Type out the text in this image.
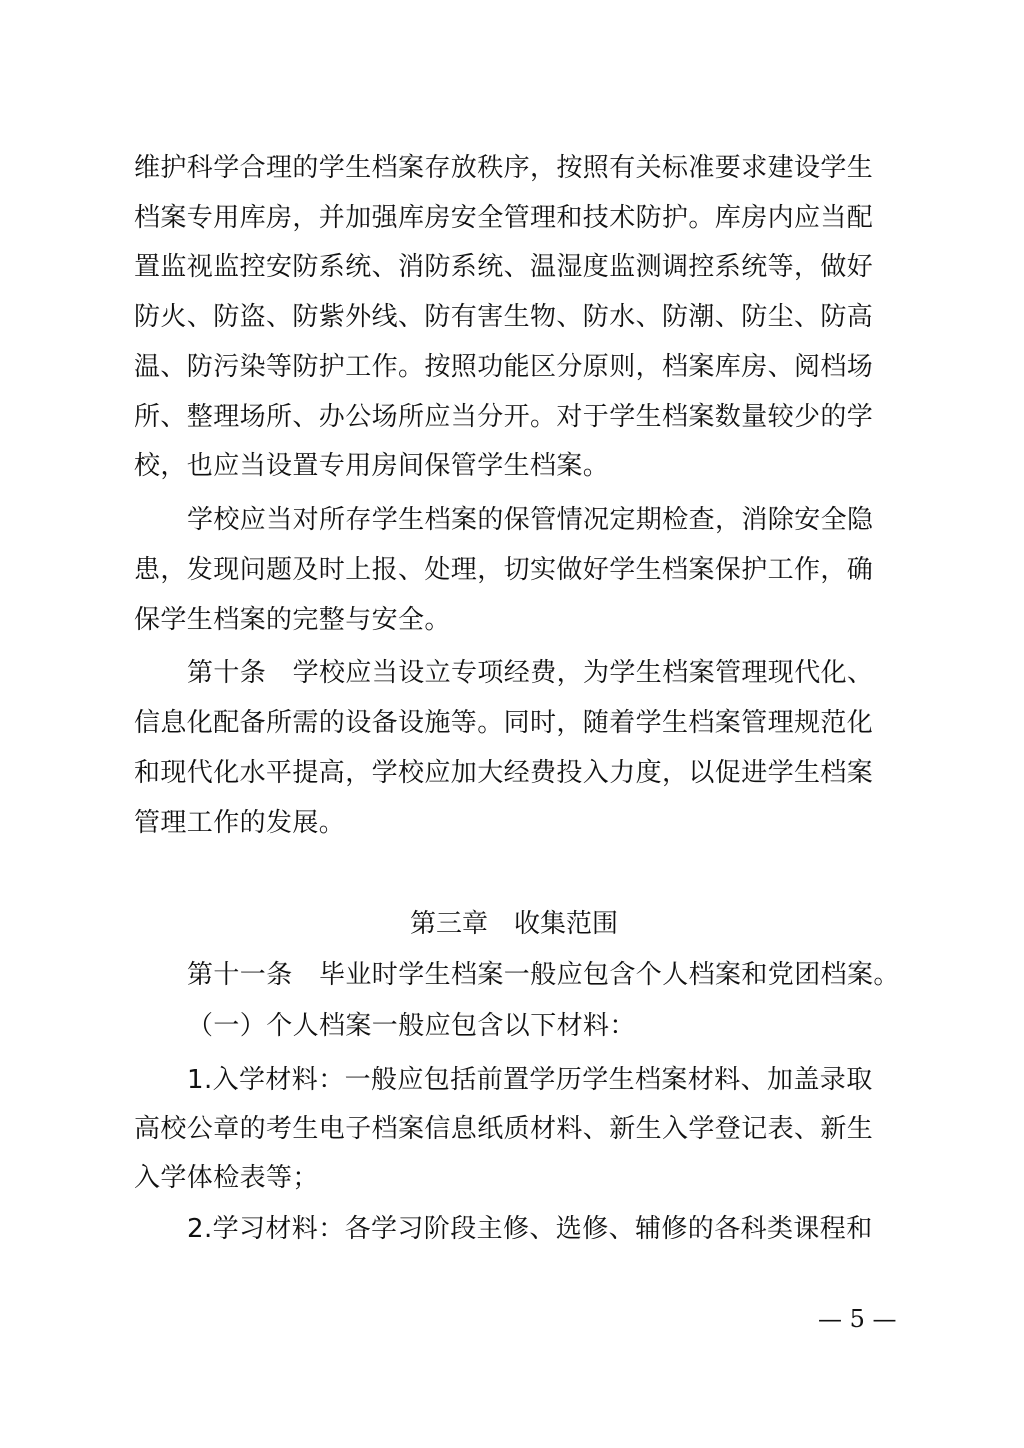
维护科学合理的学生档案存放秩序，按照有关标准要求建设学生
档案专用库房，并加强库房安全管理和技术防护。库房内应当配
置监视监控安防系统、消防系统、温湿度监测调控系统等，做好
防火、防盗、防紫外线、防有害生物、防水、防潮、防尘、防高
温、防污染等防护工作。按照功能区分原则，档案库房、阅档场
所、整理场所、办公场所应当分开。对于学生档案数量较少的学
校，也应当设置专用房间保管学生档案。
学校应当对所存学生档案的保管情况定期检查，消除安全隐
患，发现问题及时上报、处理，切实做好学生档案保护工作，确
保学生档案的完整与安全。
第十条　学校应当设立专项经费，为学生档案管理现代化、
信息化配备所需的设备设施等。同时，随着学生档案管理规范化
和现代化水平提高，学校应加大经费投入力度，以促进学生档案
管理工作的发展。
第十一条　毕业时学生档案一般应包含个人档案和党团档案。
（一）个人档案一般应包含以下材料：
1.入学材料：一般应包括前置学历学生档案材料、加盖录取
高校公章的考生电子档案信息纸质材料、新生入学登记表、新生
入学体检表等；
2.学习材料：各学习阶段主修、选修、辅修的各科类课程和
第三章　收集范围
— 5 —
